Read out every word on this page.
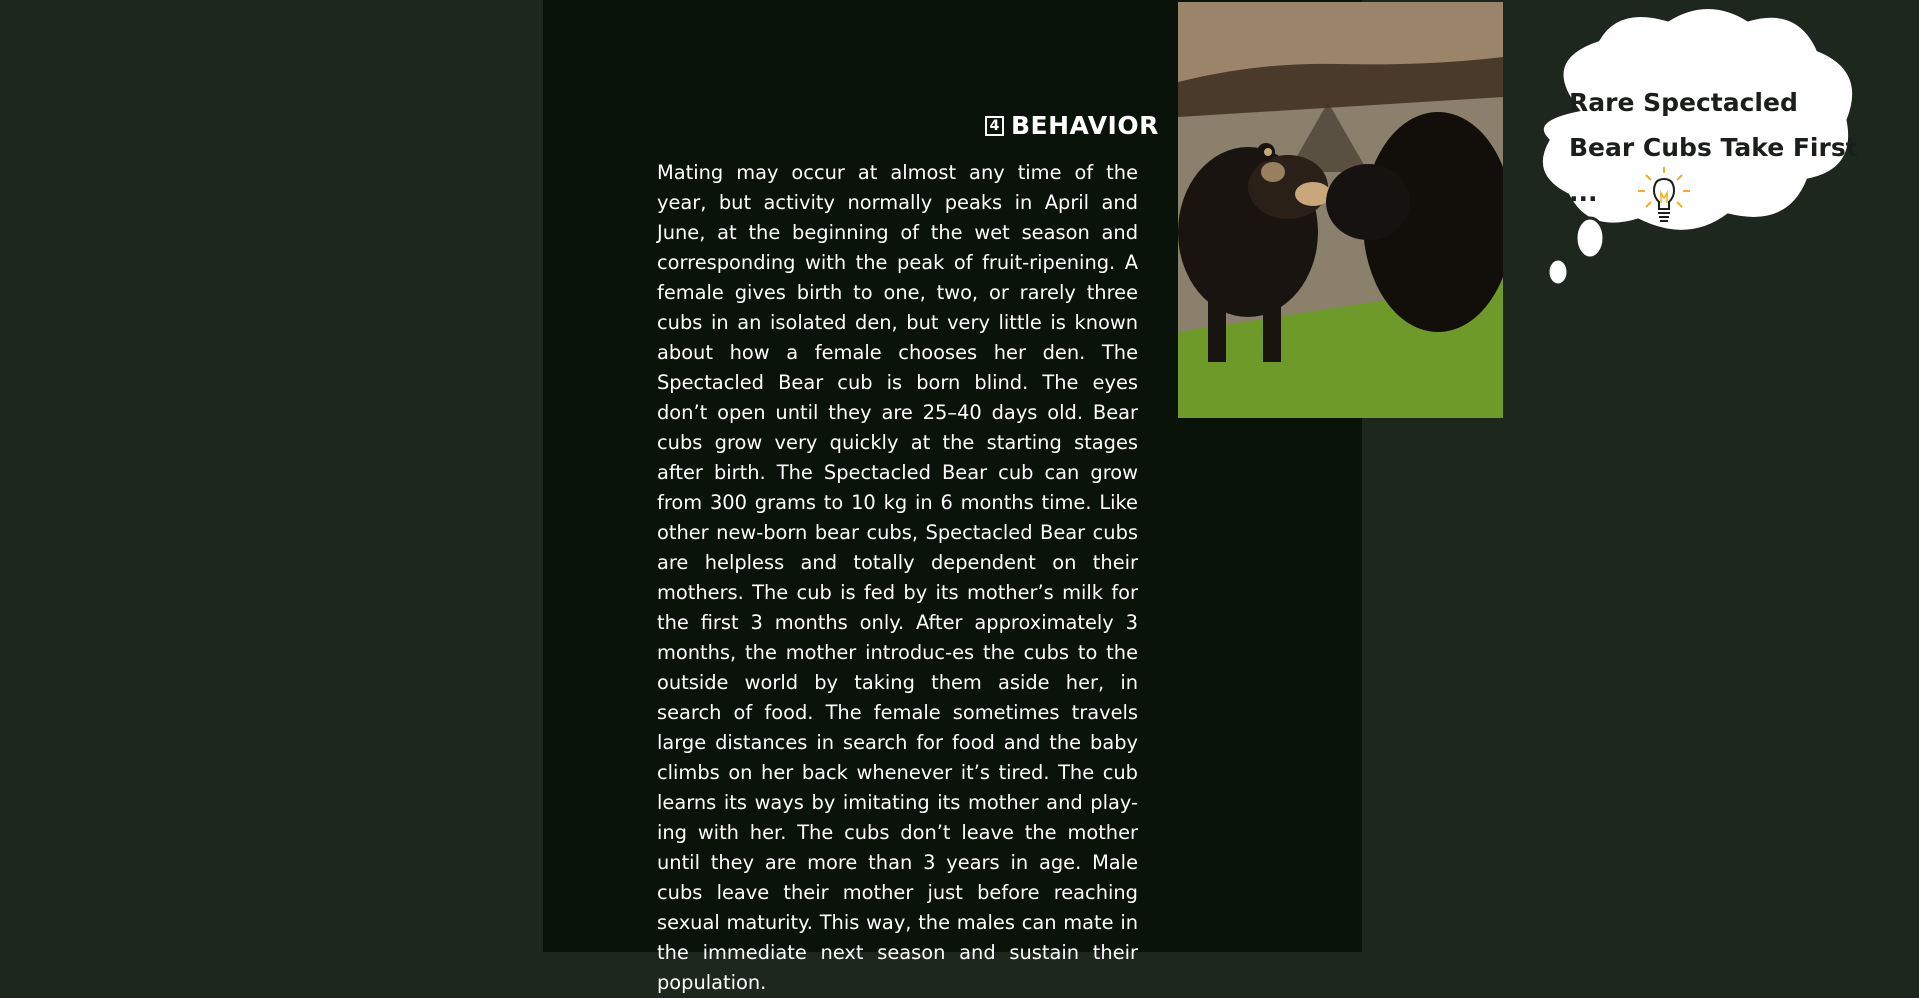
4 BEHAVIOR
Mating may occur at almost any time of the year, but activity normally peaks in April and June, at the beginning of the wet season and corresponding with the peak of fruit-ripening. A female gives birth to one, two, or rarely three cubs in an isolated den, but very little is known about how a female chooses her den. The Spectacled Bear cub is born blind. The eyes don’t open until they are 25–40 days old. Bear cubs grow very quickly at the starting stages after birth. The Spectacled Bear cub can grow from 300 grams to 10 kg in 6 months time. Like other new-born bear cubs, Spectacled Bear cubs are helpless and totally dependent on their mothers. The cub is fed by its mother’s milk for the first 3 months only. After approximately 3 months, the mother introduc-es the cubs to the outside world by taking them aside her, in search of food. The female sometimes travels large distances in search for food and the baby climbs on her back whenever it’s tired. The cub learns its ways by imitating its mother and play-ing with her. The cubs don’t leave the mother until they are more than 3 years in age. Male cubs leave their mother just before reaching sexual maturity. This way, the males can mate in the immediate next season and sustain their population.
Rare Spectacled Bear Cubs Take First ...
